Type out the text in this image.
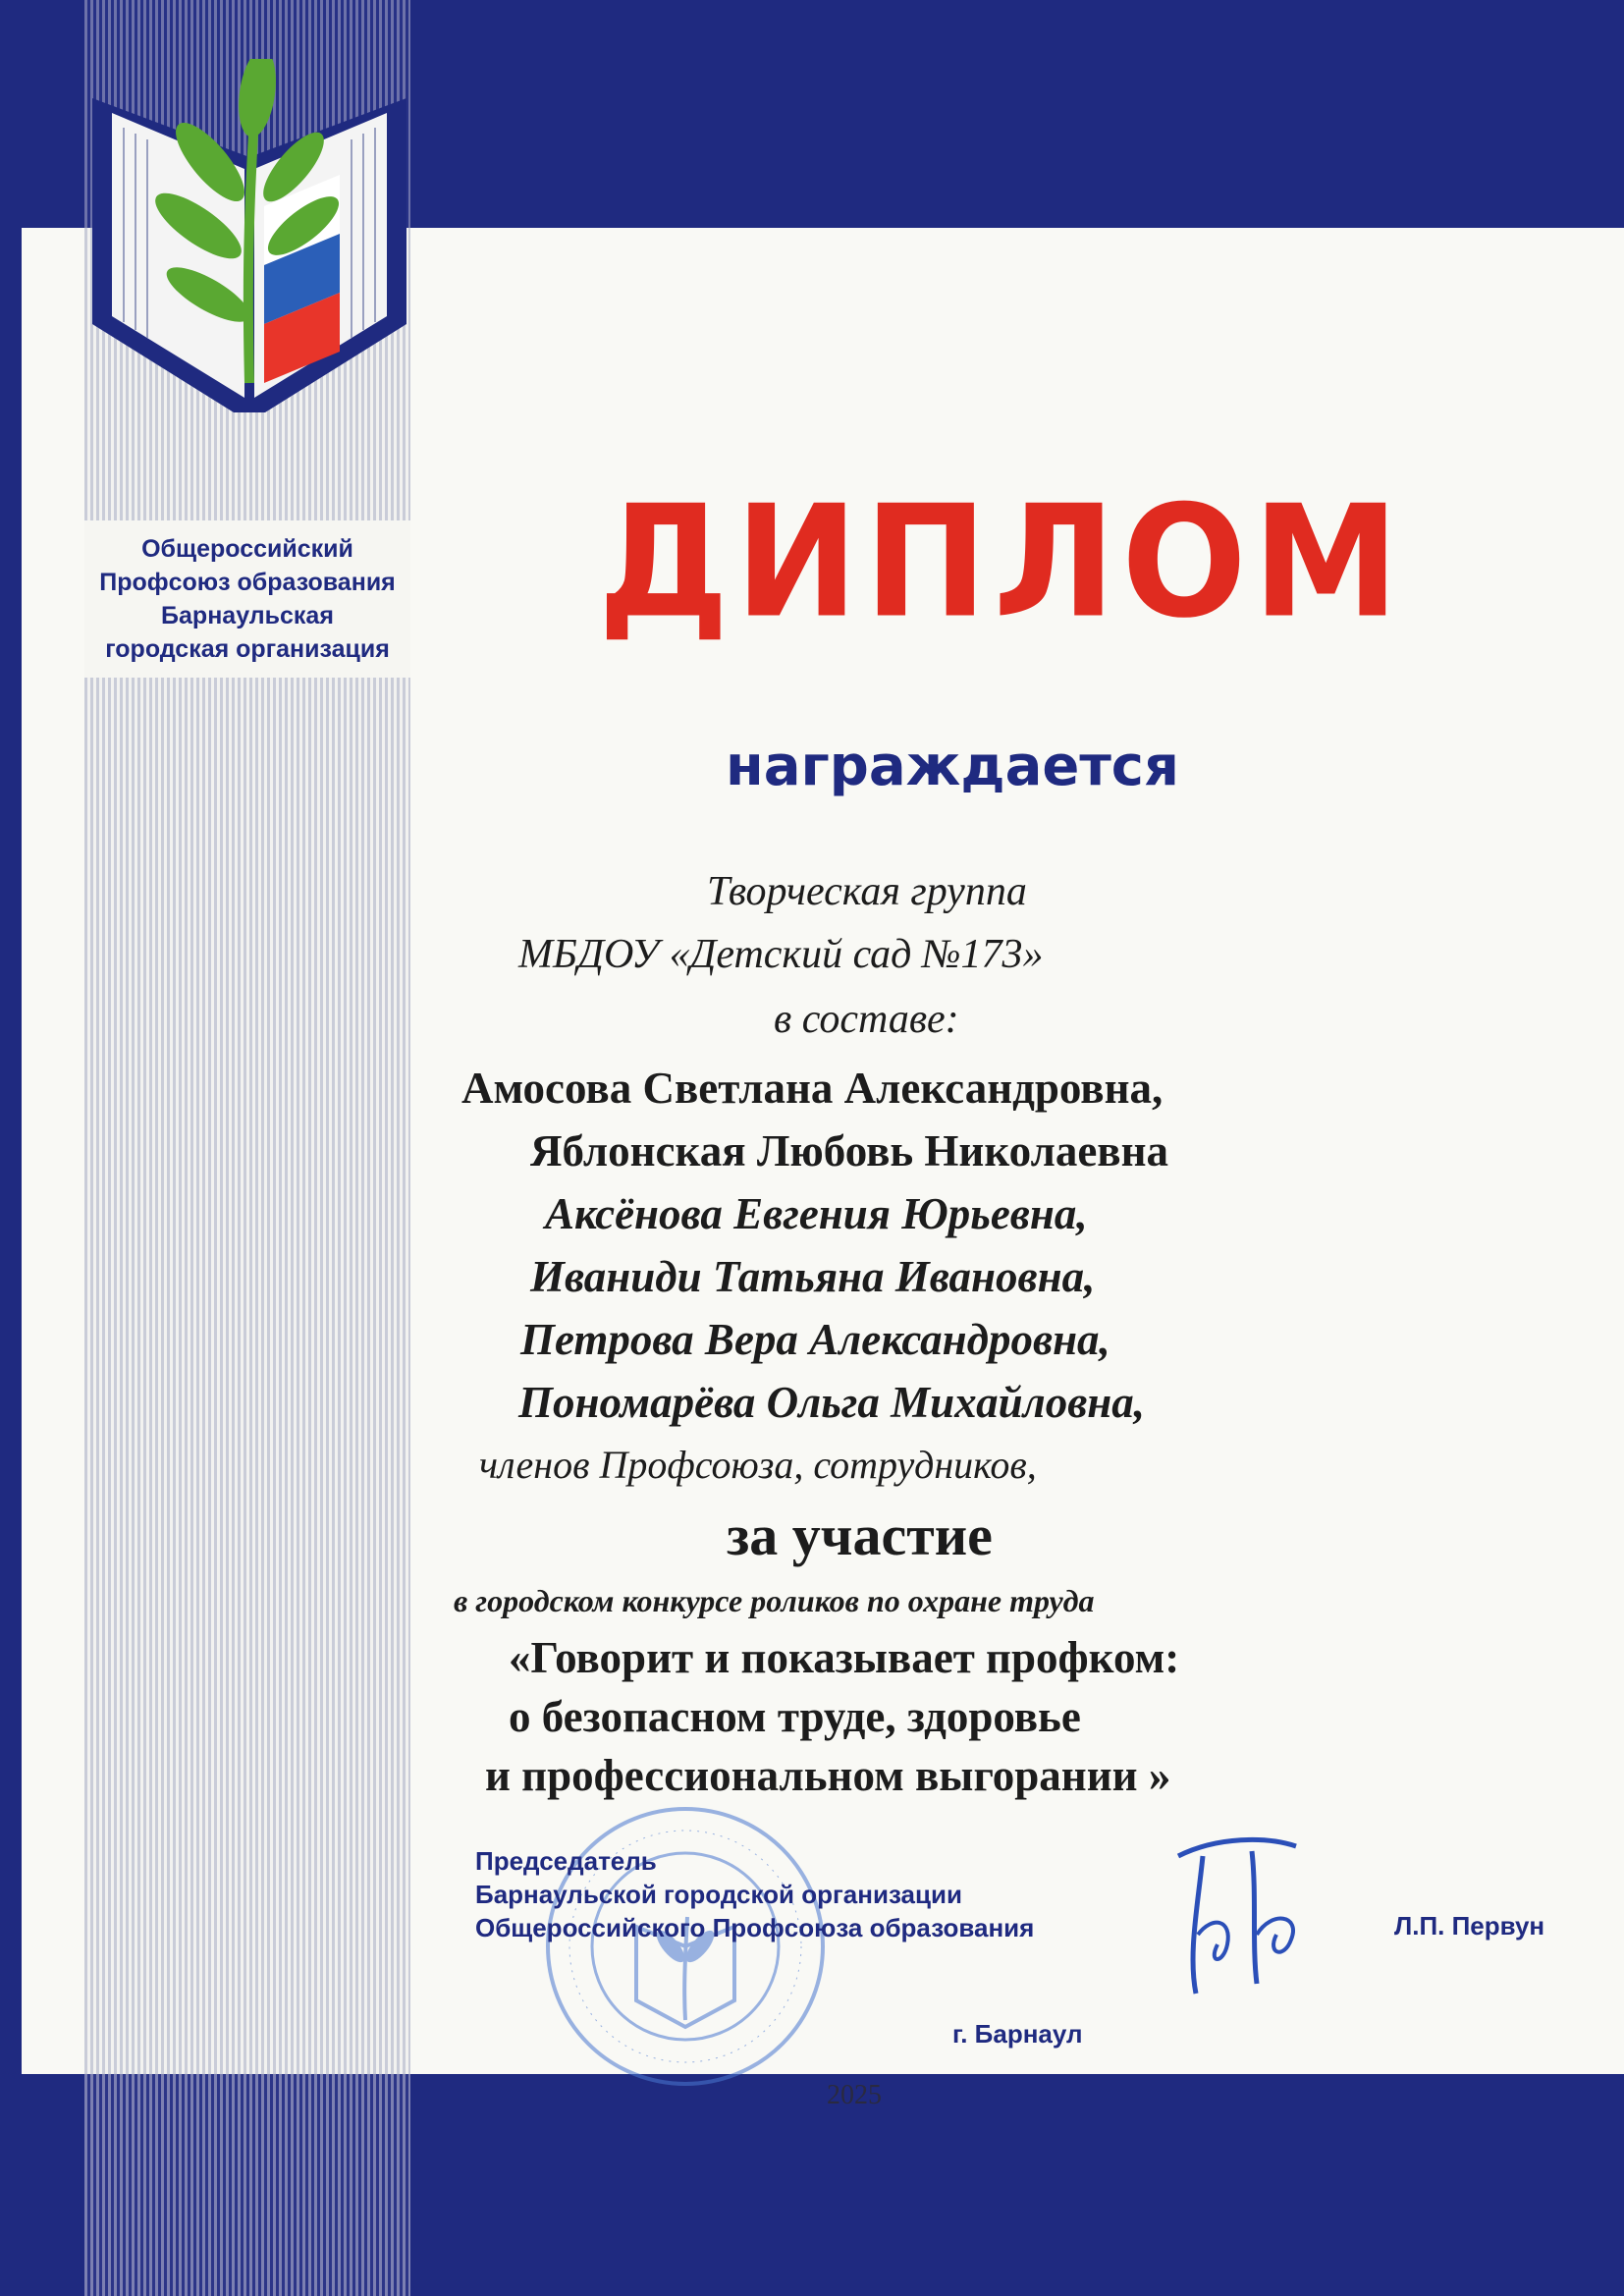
Общероссийский
Профсоюз образования
Барнаульская
городская организация	ДИПЛОМ
награждается
Творческая группа
МБДОУ «Детский сад №173»
в составе:
Амосова Светлана Александровна,
Яблонская Любовь Николаевна
Аксёнова Евгения Юрьевна,
Иваниди Татьяна Ивановна,
Петрова Вера Александровна,
Пономарёва Ольга Михайловна,
членов Профсоюза, сотрудников,
за участие
в городском конкурсе роликов по охране труда
«Говорит и показывает профком:
о безопасном труде, здоровье
и профессиональном выгорании »
Председатель
Барнаульской городской организации
Общероссийского Профсоюза образования	Л.П. Первун
г. Барнаул
2025
